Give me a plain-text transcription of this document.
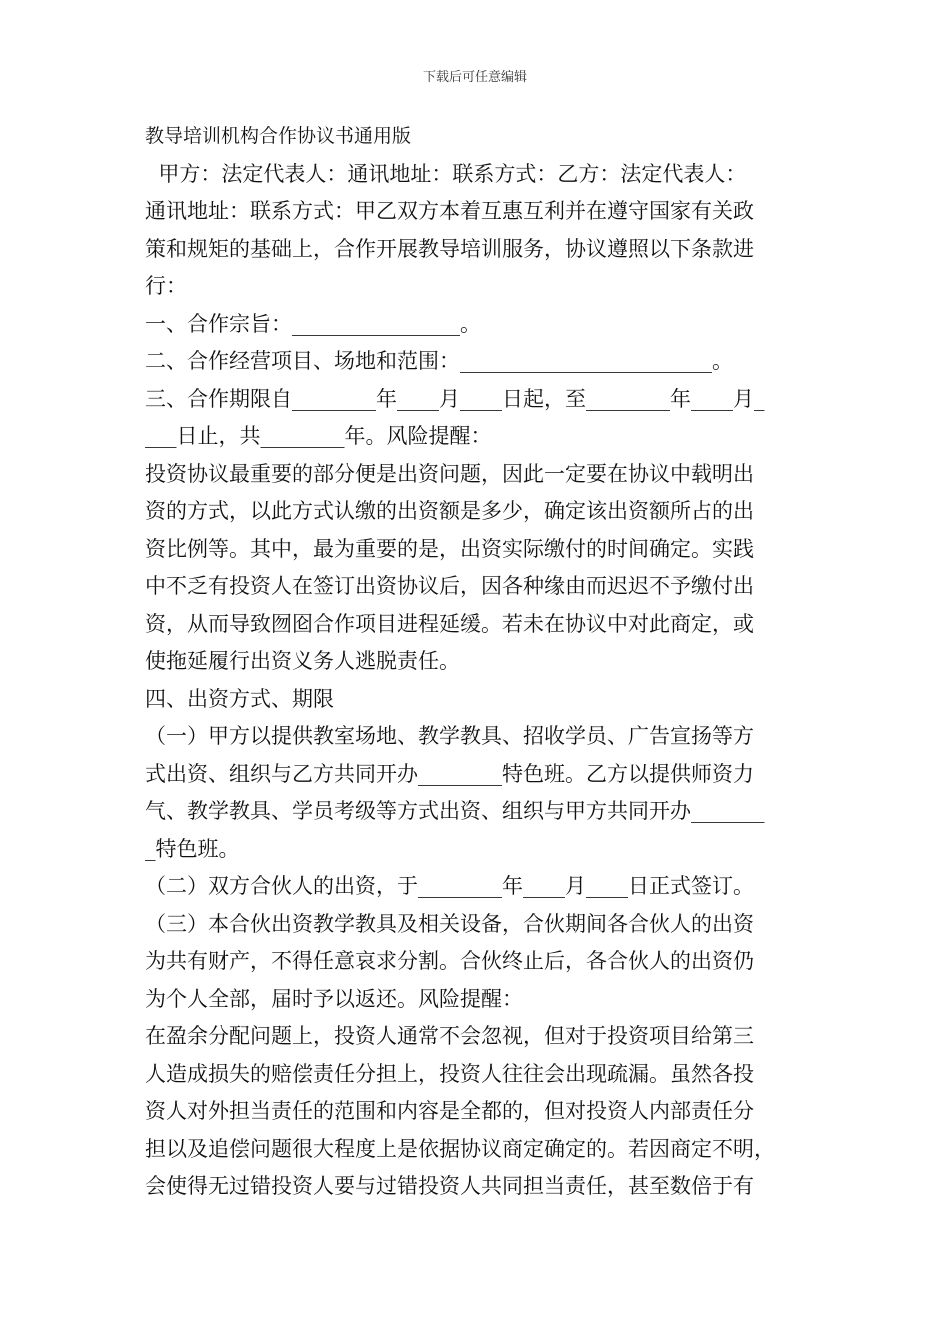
下载后可任意编辑
教导培训机构合作协议书通用版
甲方：法定代表人：通讯地址：联系方式：乙方：法定代表人：
通讯地址：联系方式：甲乙双方本着互惠互利并在遵守国家有关政
策和规矩的基础上，合作开展教导培训服务，协议遵照以下条款进
行：
一、合作宗旨：________________。
二、合作经营项目、场地和范围：________________________。
三、合作期限自________年____月____日起，至________年____月_
___日止，共________年。风险提醒：
投资协议最重要的部分便是出资问题，因此一定要在协议中载明出
资的方式，以此方式认缴的出资额是多少，确定该出资额所占的出
资比例等。其中，最为重要的是，出资实际缴付的时间确定。实践
中不乏有投资人在签订出资协议后，因各种缘由而迟迟不予缴付出
资，从而导致囫囵合作项目进程延缓。若未在协议中对此商定，或
使拖延履行出资义务人逃脱责任。
四、出资方式、期限
（一）甲方以提供教室场地、教学教具、招收学员、广告宣扬等方
式出资、组织与乙方共同开办________特色班。乙方以提供师资力
气、教学教具、学员考级等方式出资、组织与甲方共同开办_______
_特色班。
（二）双方合伙人的出资，于________年____月____日正式签订。
（三）本合伙出资教学教具及相关设备，合伙期间各合伙人的出资
为共有财产，不得任意哀求分割。合伙终止后，各合伙人的出资仍
为个人全部，届时予以返还。风险提醒：
在盈余分配问题上，投资人通常不会忽视，但对于投资项目给第三
人造成损失的赔偿责任分担上，投资人往往会出现疏漏。虽然各投
资人对外担当责任的范围和内容是全都的，但对投资人内部责任分
担以及追偿问题很大程度上是依据协议商定确定的。若因商定不明，
会使得无过错投资人要与过错投资人共同担当责任，甚至数倍于有
